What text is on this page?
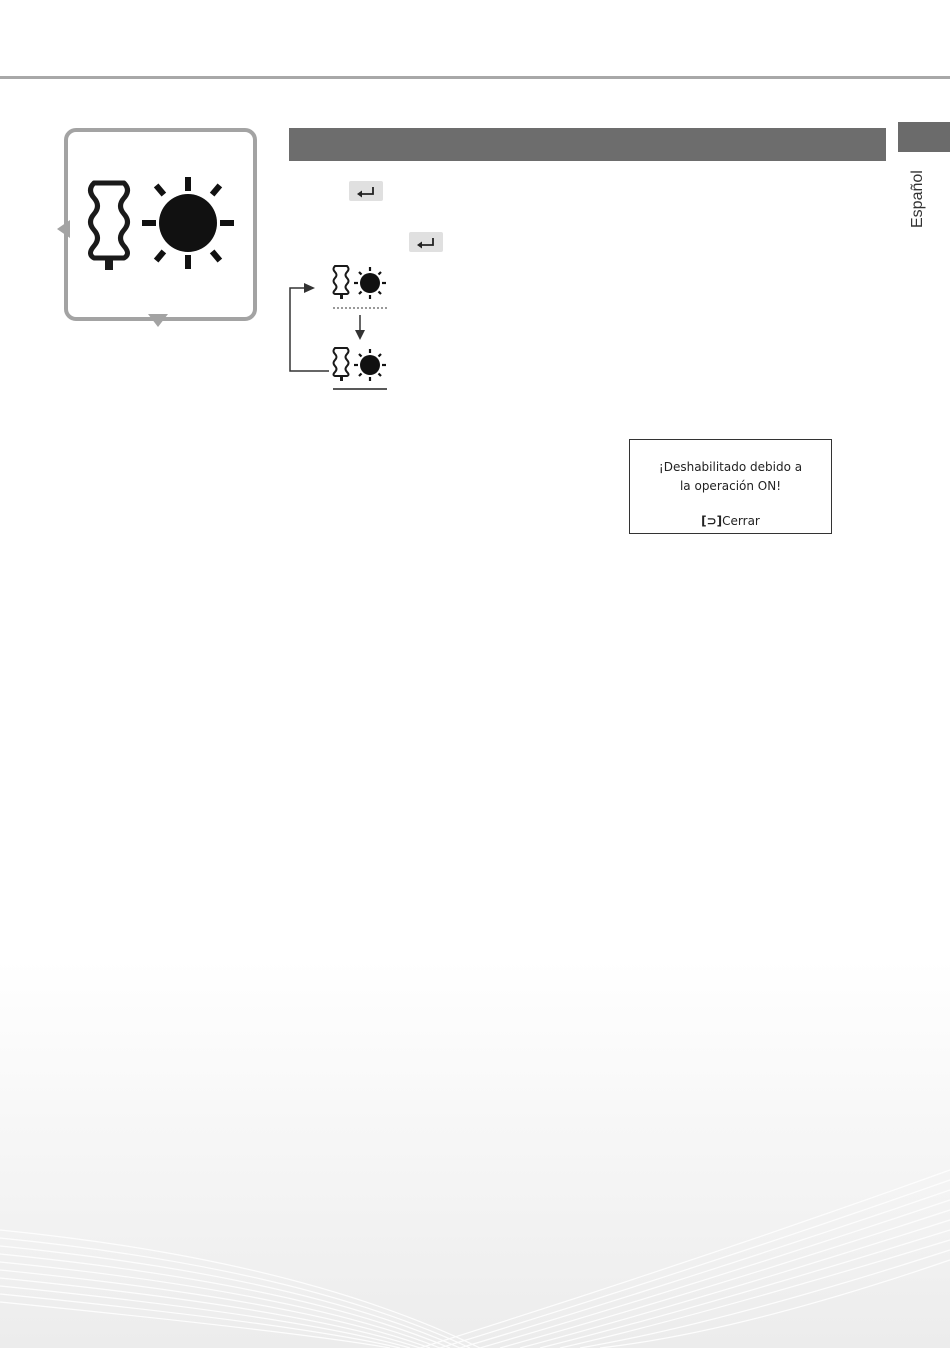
Español
¡Deshabilitado debido a
la operación ON!
[⊃]Cerrar
